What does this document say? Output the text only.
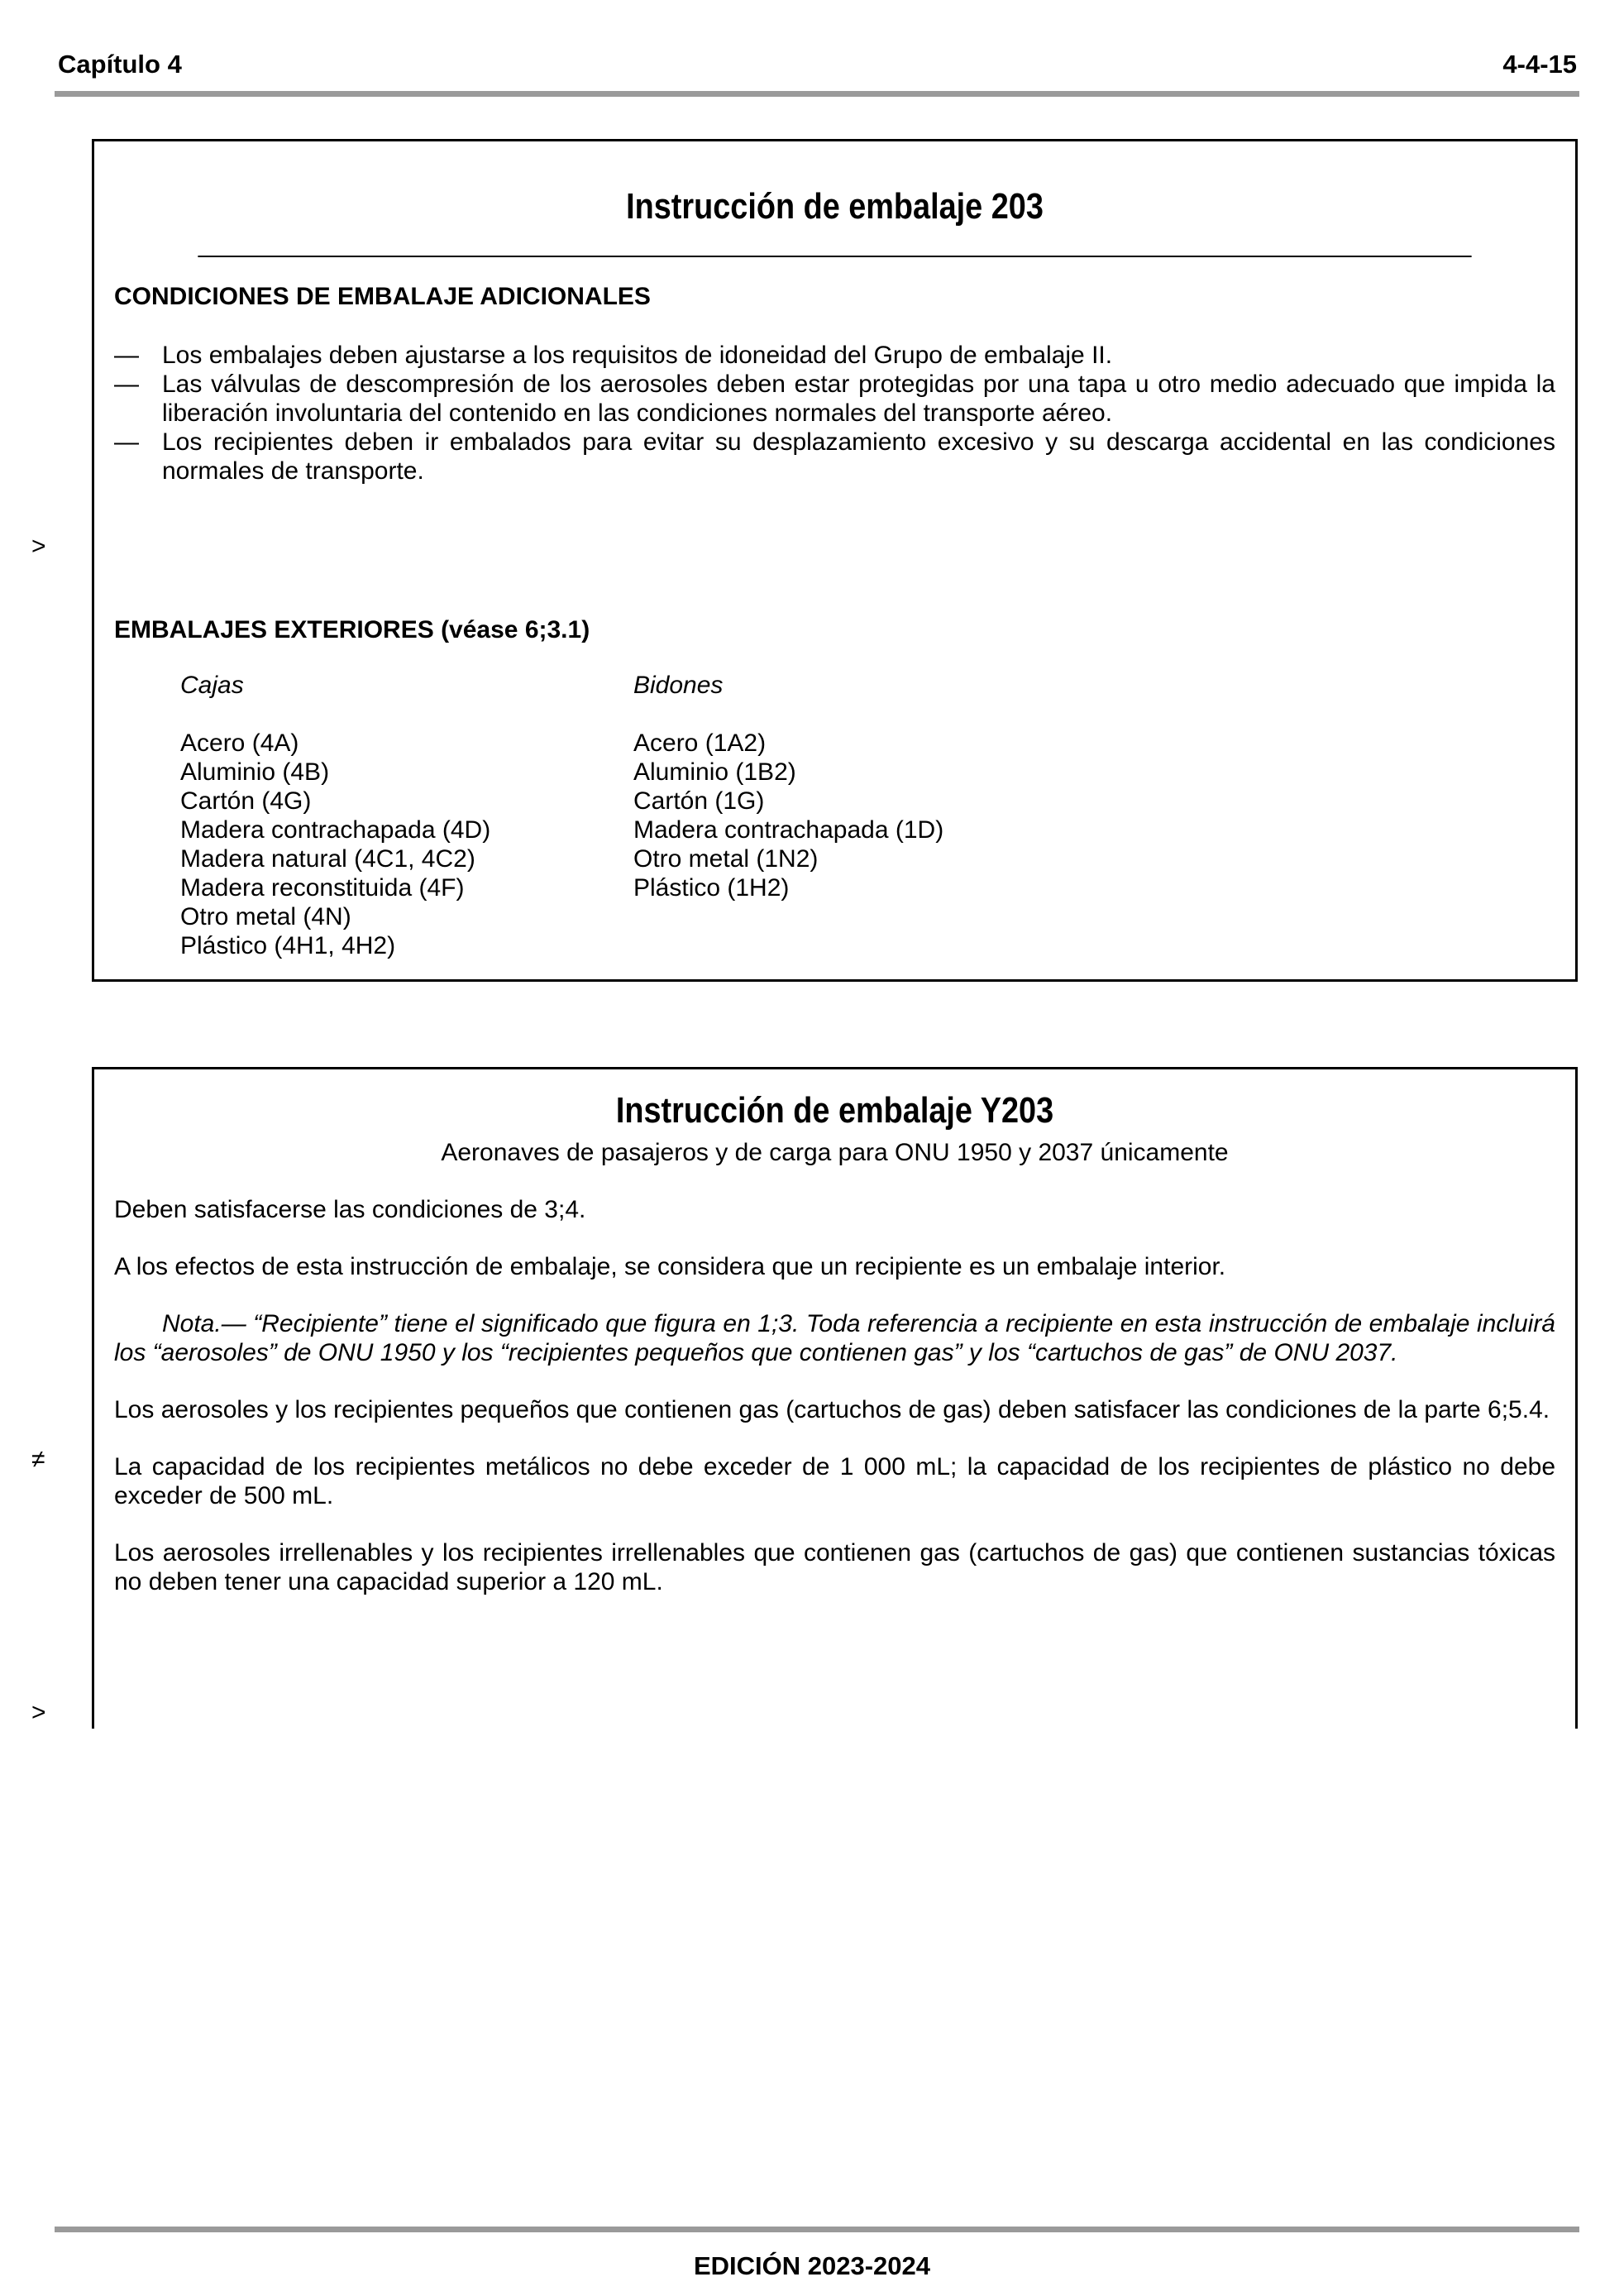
Capítulo 4	4-4-15
>
≠
>
Instrucción de embalaje 203
CONDICIONES DE EMBALAJE ADICIONALES
— Los embalajes deben ajustarse a los requisitos de idoneidad del Grupo de embalaje II.
— Las válvulas de descompresión de los aerosoles deben estar protegidas por una tapa u otro medio adecuado que impida la liberación involuntaria del contenido en las condiciones normales del transporte aéreo.
— Los recipientes deben ir embalados para evitar su desplazamiento excesivo y su descarga accidental en las condiciones normales de transporte.
EMBALAJES EXTERIORES (véase 6;3.1)
Cajas
Acero (4A)
Aluminio (4B)
Cartón (4G)
Madera contrachapada (4D)
Madera natural (4C1, 4C2)
Madera reconstituida (4F)
Otro metal (4N)
Plástico (4H1, 4H2)
Bidones
Acero (1A2)
Aluminio (1B2)
Cartón (1G)
Madera contrachapada (1D)
Otro metal (1N2)
Plástico (1H2)
Instrucción de embalaje Y203
Aeronaves de pasajeros y de carga para ONU 1950 y 2037 únicamente

Deben satisfacerse las condiciones de 3;4.

A los efectos de esta instrucción de embalaje, se considera que un recipiente es un embalaje interior.

Nota.— “Recipiente” tiene el significado que figura en 1;3. Toda referencia a recipiente en esta instrucción de embalaje incluirá los “aerosoles” de ONU 1950 y los “recipientes pequeños que contienen gas” y los “cartuchos de gas” de ONU 2037.

Los aerosoles y los recipientes pequeños que contienen gas (cartuchos de gas) deben satisfacer las condiciones de la parte 6;5.4.

La capacidad de los recipientes metálicos no debe exceder de 1 000 mL; la capacidad de los recipientes de plástico no debe exceder de 500 mL.

Los aerosoles irrellenables y los recipientes irrellenables que contienen gas (cartuchos de gas) que contienen sustancias tóxicas no deben tener una capacidad superior a 120 mL.

EDICIÓN 2023-2024
